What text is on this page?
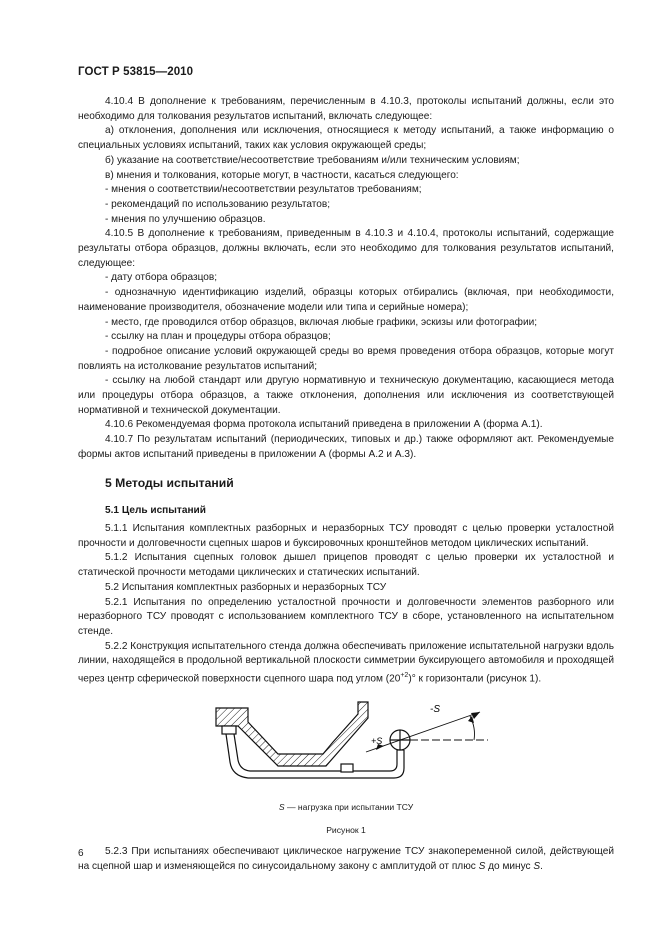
ГОСТ Р 53815—2010

4.10.4 В дополнение к требованиям, перечисленным в 4.10.3, протоколы испытаний должны, если это необходимо для толкования результатов испытаний, включать следующее:

а) отклонения, дополнения или исключения, относящиеся к методу испытаний, а также информацию о специальных условиях испытаний, таких как условия окружающей среды;

б) указание на соответствие/несоответствие требованиям и/или техническим условиям;

в) мнения и толкования, которые могут, в частности, касаться следующего:

- мнения о соответствии/несоответствии результатов требованиям;

- рекомендаций по использованию результатов;

- мнения по улучшению образцов.

4.10.5 В дополнение к требованиям, приведенным в 4.10.3 и 4.10.4, протоколы испытаний, содержащие результаты отбора образцов, должны включать, если это необходимо для толкования результатов испытаний, следующее:

- дату отбора образцов;

- однозначную идентификацию изделий, образцы которых отбирались (включая, при необходимости, наименование производителя, обозначение модели или типа и серийные номера);

- место, где проводился отбор образцов, включая любые графики, эскизы или фотографии;

- ссылку на план и процедуры отбора образцов;

- подробное описание условий окружающей среды во время проведения отбора образцов, которые могут повлиять на истолкование результатов испытаний;

- ссылку на любой стандарт или другую нормативную и техническую документацию, касающиеся метода или процедуры отбора образцов, а также отклонения, дополнения или исключения из соответствующей нормативной и технической документации.

4.10.6 Рекомендуемая форма протокола испытаний приведена в приложении А (форма А.1).

4.10.7 По результатам испытаний (периодических, типовых и др.) также оформляют акт. Рекомендуемые формы актов испытаний приведены в приложении А (формы А.2 и А.3).

5 Методы испытаний
5.1 Цель испытаний

5.1.1 Испытания комплектных разборных и неразборных ТСУ проводят с целью проверки усталостной прочности и долговечности сцепных шаров и буксировочных кронштейнов методом циклических испытаний.

5.1.2 Испытания сцепных головок дышел прицепов проводят с целью проверки их усталостной и статической прочности методами циклических и статических испытаний.

5.2 Испытания комплектных разборных и неразборных ТСУ

5.2.1 Испытания по определению усталостной прочности и долговечности элементов разборного или неразборного ТСУ проводят с использованием комплектного ТСУ в сборе, установленного на испытательном стенде.

5.2.2 Конструкция испытательного стенда должна обеспечивать приложение испытательной нагрузки вдоль линии, находящейся в продольной вертикальной плоскости симметрии буксирующего автомобиля и проходящей через центр сферической поверхности сцепного шара под углом $(20^{+2})^\circ$ к горизонтали (рисунок 1).

-S
+S
S — нагрузка при испытании ТСУ
Рисунок 1

5.2.3 При испытаниях обеспечивают циклическое нагружение ТСУ знакопеременной силой, действующей на сцепной шар и изменяющейся по синусоидальному закону с амплитудой от плюс S до минус S.

6
